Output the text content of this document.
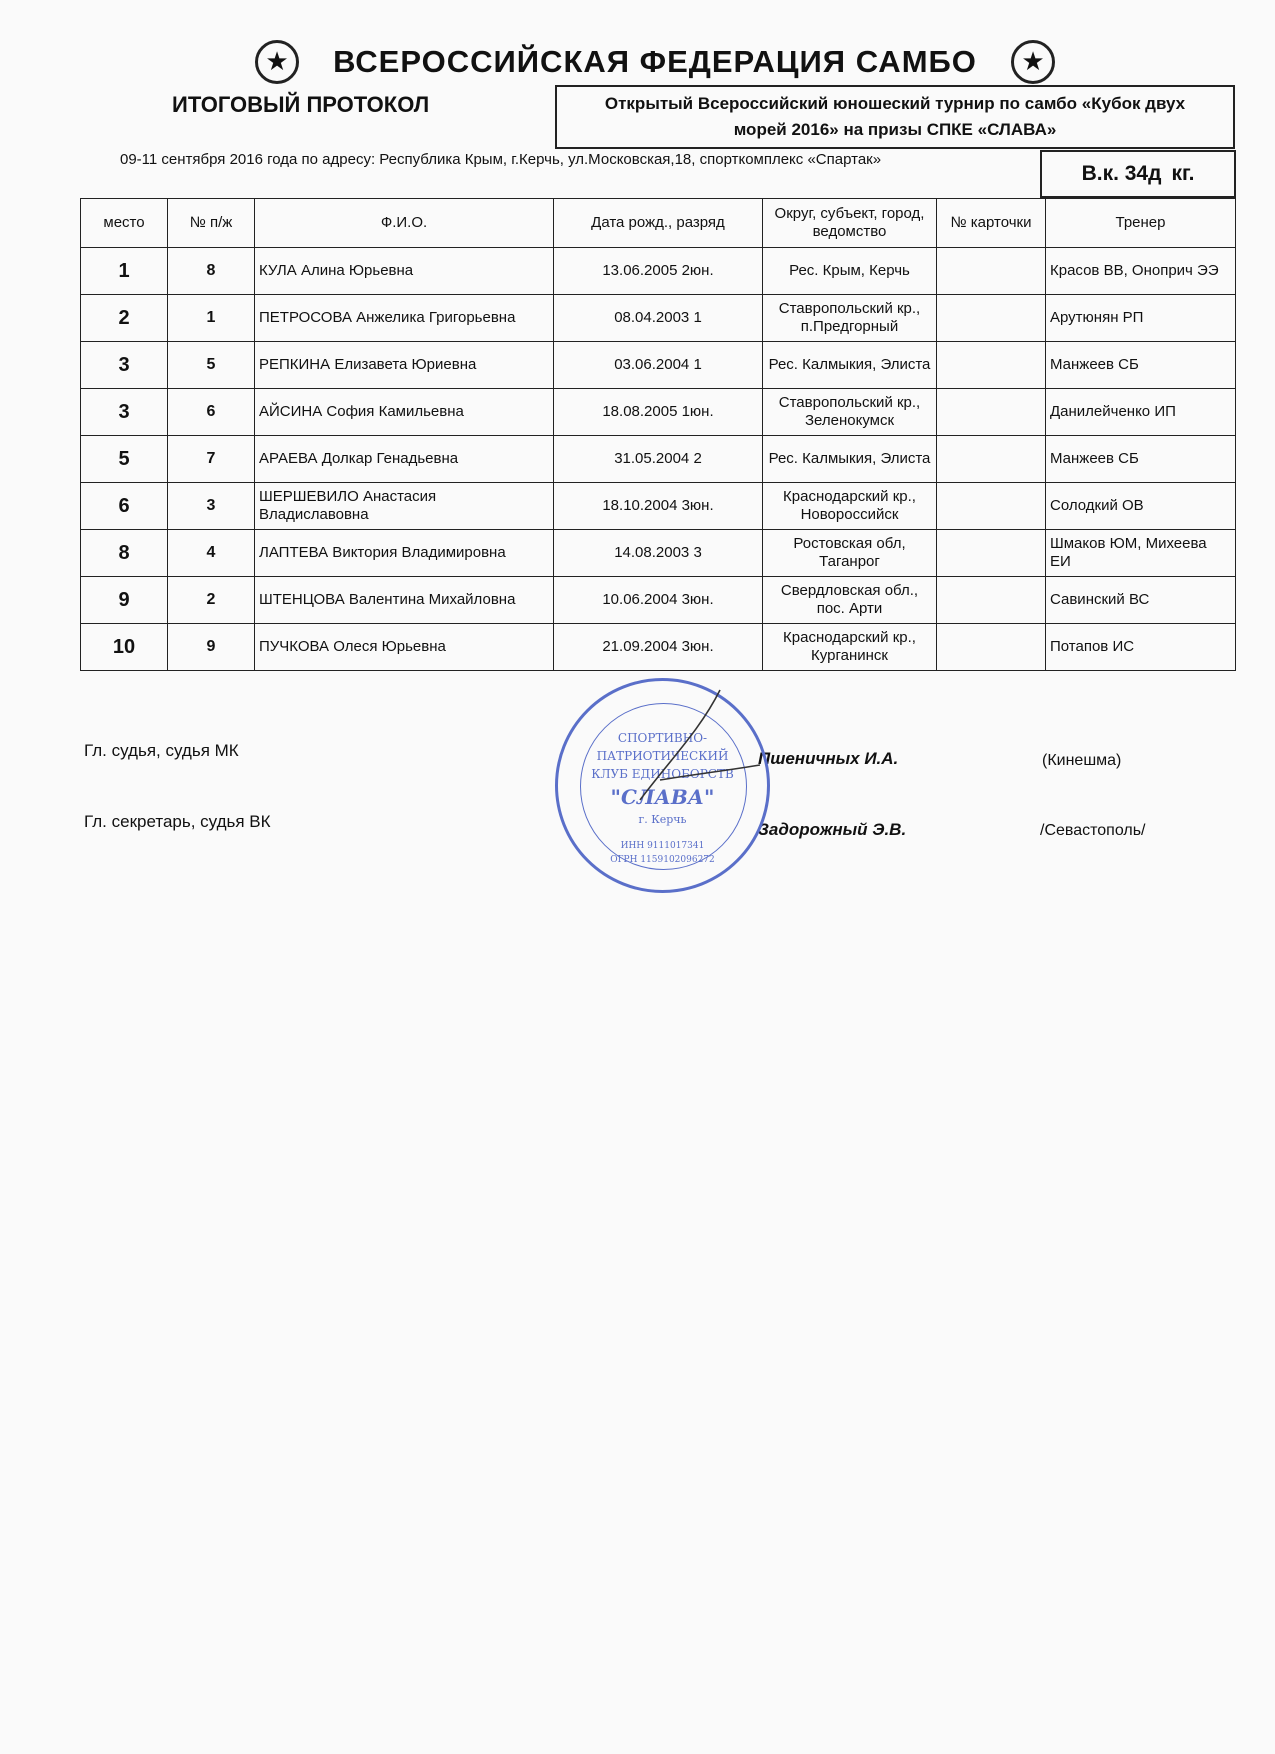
★	ВСЕРОССИЙСКАЯ ФЕДЕРАЦИЯ САМБО	★
ИТОГОВЫЙ ПРОТОКОЛ	Открытый Всероссийский юношеский турнир по самбо «Кубок двух
морей 2016» на призы СПКЕ «СЛАВА»
09-11 сентября 2016 года по адресу: Республика Крым, г.Керчь, ул.Московская,18, спорткомплекс «Спартак»
В.к. 34д кг.
место	№ п/ж	Ф.И.О.	Дата рожд., разряд	Округ, субъект, город, ведомство	№ карточки	Тренер
1	8	КУЛА Алина Юрьевна	13.06.2005 2юн.	Рес. Крым, Керчь		Красов ВВ, Оноприч ЭЭ
2	1	ПЕТРОСОВА Анжелика Григорьевна	08.04.2003 1	Ставропольский кр., п.Предгорный		Арутюнян РП
3	5	РЕПКИНА Елизавета Юриевна	03.06.2004 1	Рес. Калмыкия, Элиста		Манжеев СБ
3	6	АЙСИНА София Камильевна	18.08.2005 1юн.	Ставропольский кр., Зеленокумск		Данилейченко ИП
5	7	АРАЕВА Долкар Генадьевна	31.05.2004 2	Рес. Калмыкия, Элиста		Манжеев СБ
6	3	ШЕРШЕВИЛО Анастасия Владиславовна	18.10.2004 3юн.	Краснодарский кр., Новороссийск		Солодкий ОВ
8	4	ЛАПТЕВА Виктория Владимировна	14.08.2003 3	Ростовская обл, Таганрог		Шмаков ЮМ, Михеева ЕИ
9	2	ШТЕНЦОВА Валентина Михайловна	10.06.2004 3юн.	Свердловская обл., пос. Арти		Савинский ВС
10	9	ПУЧКОВА Олеся Юрьевна	21.09.2004 3юн.	Краснодарский кр., Курганинск		Потапов ИС
Гл. судья, судья МК	Пшеничных И.А.	(Кинешма)
Гл. секретарь, судья ВК	Задорожный Э.В.	/Севастополь/
СПОРТИВНО-
ПАТРИОТИЧЕСКИЙ
КЛУБ ЕДИНОБОРСТВ
"СЛАВА"
г. Керчь
ИНН 9111017341
ОГРН 1159102096272
